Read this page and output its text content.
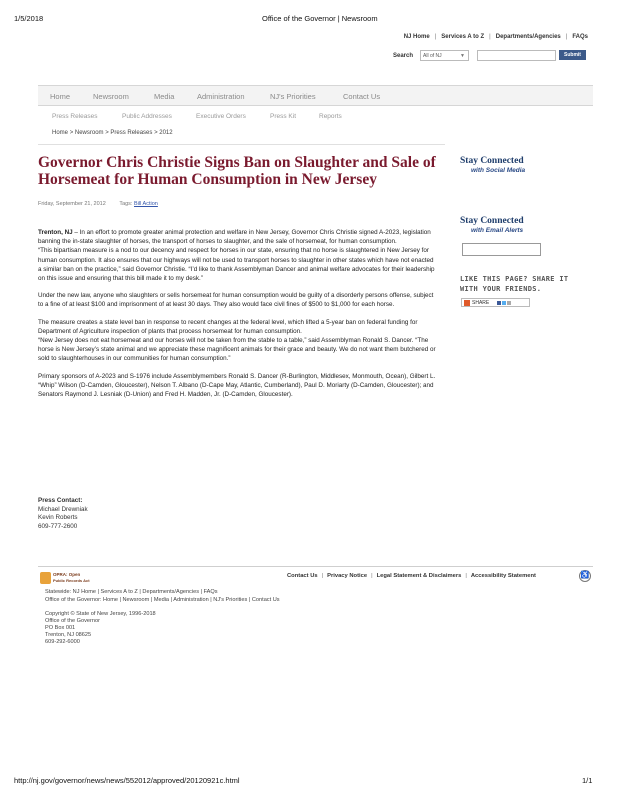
1/5/2018	Office of the Governor | Newsroom
NJ Home | Services A to Z | Departments/Agencies | FAQs
Search	All of NJ	▼	Submit
Home	Newsroom	Media	Administration	NJ's Priorities	Contact Us
Press Releases	Public Addresses	Executive Orders	Press Kit	Reports
Home > Newsroom > Press Releases > 2012
Governor Chris Christie Signs Ban on Slaughter and Sale of Horsemeat for Human Consumption in New Jersey
Friday, September 21, 2012 Tags: Bill Action

Trenton, NJ – In an effort to promote greater animal protection and welfare in New Jersey, Governor Chris Christie signed A-2023, legislation banning the in-state slaughter of horses, the transport of horses to slaughter, and the sale of horsemeat, for human consumption.
“This bipartisan measure is a nod to our decency and respect for horses in our state, ensuring that no horse is slaughtered in New Jersey for human consumption. It also ensures that our highways will not be used to transport horses to slaughter in other states which have not enacted a similar ban on the practice,” said Governor Christie. “I’d like to thank Assemblyman Dancer and animal welfare advocates for their leadership on this issue and ensuring that this bill made it to my desk.”

Under the new law, anyone who slaughters or sells horsemeat for human consumption would be guilty of a disorderly persons offense, subject to a fine of at least $100 and imprisonment of at least 30 days. They also would face civil fines of $500 to $1,000 for each horse.

The measure creates a state level ban in response to recent changes at the federal level, which lifted a 5-year ban on federal funding for Department of Agriculture inspection of plants that process horsemeat for human consumption.
“New Jersey does not eat horsemeat and our horses will not be taken from the stable to a table,” said Assemblyman Ronald S. Dancer. “The horse is New Jersey’s state animal and we appreciate these magnificent animals for their grace and beauty. We do not want them butchered or sold to slaughterhouses in our communities for human consumption.”

Primary sponsors of A-2023 and S-1976 include Assemblymembers Ronald S. Dancer (R-Burlington, Middlesex, Monmouth, Ocean), Gilbert L. “Whip” Wilson (D-Camden, Gloucester), Nelson T. Albano (D-Cape May, Atlantic, Cumberland), Paul D. Moriarty (D-Camden, Gloucester); and Senators Raymond J. Lesniak (D-Union) and Fred H. Madden, Jr. (D-Camden, Gloucester).

Press Contact:
Michael Drewniak
Kevin Roberts
609-777-2600
Stay Connected
with Social Media
Stay Connected
with Email Alerts
LIKE THIS PAGE? SHARE IT
WITH YOUR FRIENDS.
SHARE
OPRA: Open
Public Records Act
Contact Us | Privacy Notice | Legal Statement & Disclaimers | Accessibility Statement	♿
Statewide: NJ Home | Services A to Z | Departments/Agencies | FAQs
Office of the Governor: Home | Newsroom | Media | Administration | NJ's Priorities | Contact Us
Copyright © State of New Jersey, 1996-2018
Office of the Governor
PO Box 001
Trenton, NJ 08625
609-292-6000
http://nj.gov/governor/news/news/552012/approved/20120921c.html	1/1
